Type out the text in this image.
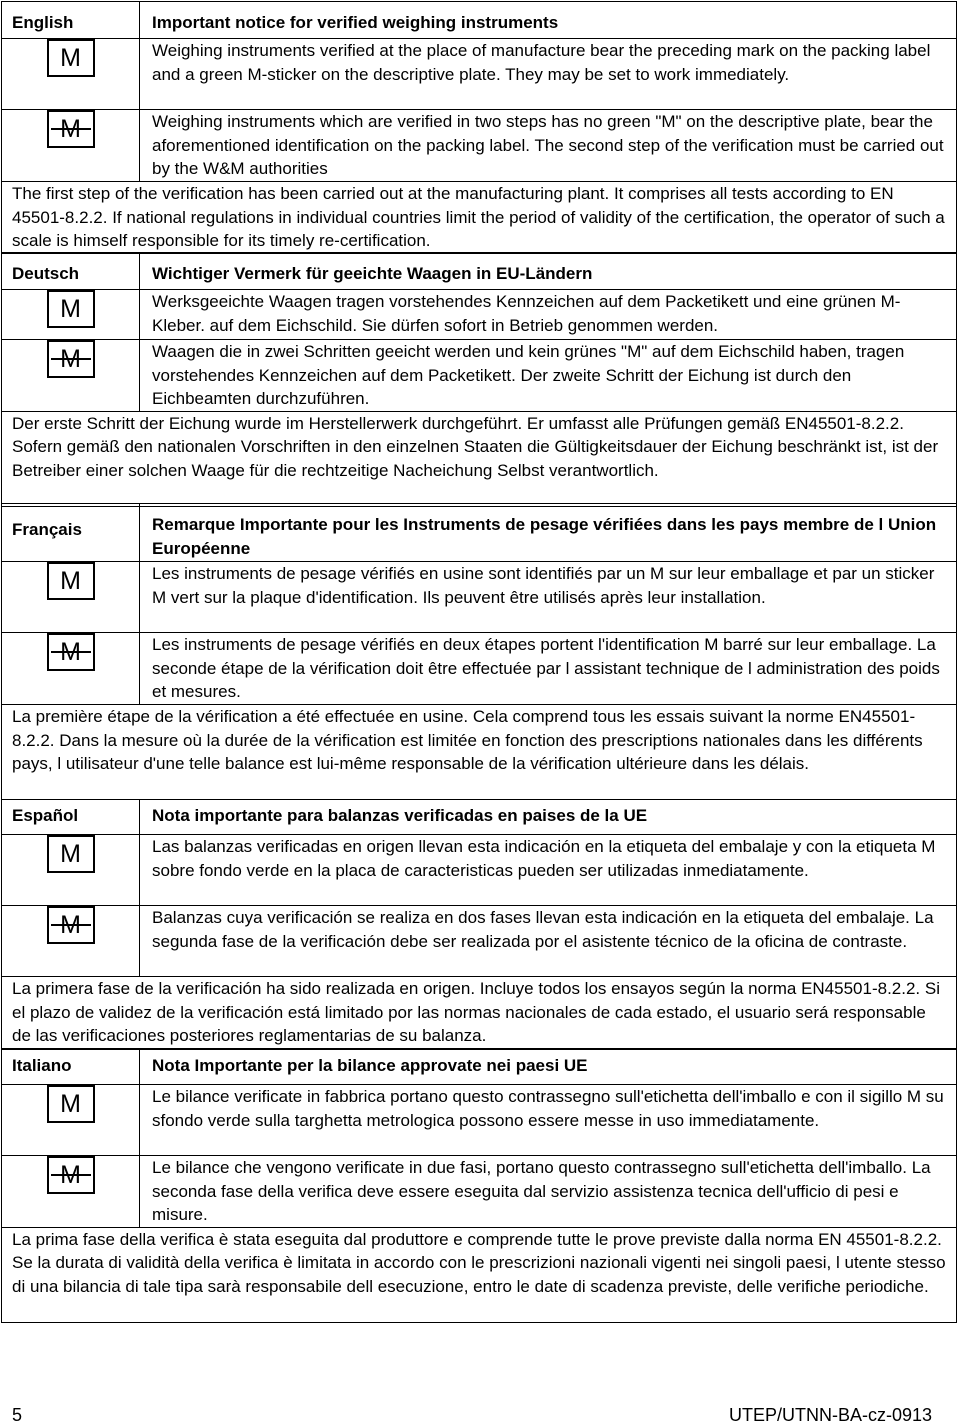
English	Important notice for verified weighing instruments

M	Weighing instruments verified at the place of manufacture bear the preceding mark on the packing label and a green M-sticker on the descriptive plate. They may be set to work immediately.

M	Weighing instruments which are verified in two steps has no green "M" on the descriptive plate, bear the aforementioned identification on the packing label. The second step of the verification must be carried out by the W&M authorities

The first step of the verification has been carried out at the manufacturing plant. It comprises all tests according to EN 45501-8.2.2. If national regulations in individual countries limit the period of validity of the certification, the operator of such a scale is himself responsible for its timely re-certification.	
Deutsch	Wichtiger Vermerk für geeichte Waagen in EU-Ländern

M	Werksgeeichte Waagen tragen vorstehendes Kennzeichen auf dem Packetikett und eine grünen M-Kleber. auf dem Eichschild. Sie dürfen sofort in Betrieb genommen werden.

M	Waagen die in zwei Schritten geeicht werden und kein grünes "M" auf dem Eichschild haben, tragen vorstehendes Kennzeichen auf dem Packetikett. Der zweite Schritt der Eichung ist durch den Eichbeamten durchzuführen.

Der erste Schritt der Eichung wurde im Herstellerwerk durchgeführt. Er umfasst alle Prüfungen gemäß EN45501-8.2.2. Sofern gemäß den nationalen Vorschriften in den einzelnen Staaten die Gültigkeitsdauer der Eichung beschränkt ist, ist der Betreiber einer solchen Waage für die rechtzeitige Nacheichung Selbst verantwortlich.	
Français	Remarque Importante pour les Instruments de pesage vérifiées dans les pays membre de l Union Européenne

M	Les instruments de pesage vérifiés en usine sont identifiés par un M sur leur emballage et par un sticker M vert sur la plaque d'identification. Ils peuvent être utilisés après leur installation.

M	Les instruments de pesage vérifiés en deux étapes portent l'identification M barré sur leur emballage. La seconde étape de la vérification doit être effectuée par l assistant technique de l administration des poids et mesures.

La première étape de la vérification a été effectuée en usine. Cela comprend tous les essais suivant la norme EN45501-8.2.2. Dans la mesure où la durée de la vérification est limitée en fonction des prescriptions nationales dans les différents pays, l utilisateur d'une telle balance est lui-même responsable de la vérification ultérieure dans les délais.	
Español	Nota importante para balanzas verificadas en paises de la UE

M	Las balanzas verificadas en origen llevan esta indicación en la etiqueta del embalaje y con la etiqueta M sobre fondo verde en la placa de caracteristicas pueden ser utilizadas inmediatamente.

M	Balanzas cuya verificación se realiza en dos fases llevan esta indicación en la etiqueta del embalaje. La segunda fase de la verificación debe ser realizada por el asistente técnico de la oficina de contraste.

La primera fase de la verificación ha sido realizada en origen. Incluye todos los ensayos según la norma EN45501-8.2.2. Si el plazo de validez de la verificación está limitado por las normas nacionales de cada estado, el usuario será responsable de las verificaciones posteriores reglamentarias de su balanza.	
Italiano	Nota Importante per la bilance approvate nei paesi UE

M	Le bilance verificate in fabbrica portano questo contrassegno sull'etichetta dell'imballo e con il sigillo M su sfondo verde sulla targhetta metrologica possono essere messe in uso immediatamente.

M	Le bilance che vengono verificate in due fasi, portano questo contrassegno sull'etichetta dell'imballo. La seconda fase della verifica deve essere eseguita dal servizio assistenza tecnica dell'ufficio di pesi e misure.

La prima fase della verifica è stata eseguita dal produttore e comprende tutte le prove previste dalla norma EN 45501-8.2.2. Se la durata di validità della verifica è limitata in accordo con le prescrizioni nazionali vigenti nei singoli paesi, l utente stesso di una bilancia di tale tipa sarà responsabile dell esecuzione, entro le date di scadenza previste, delle verifiche periodiche.	
5	UTEP/UTNN-BA-cz-0913
